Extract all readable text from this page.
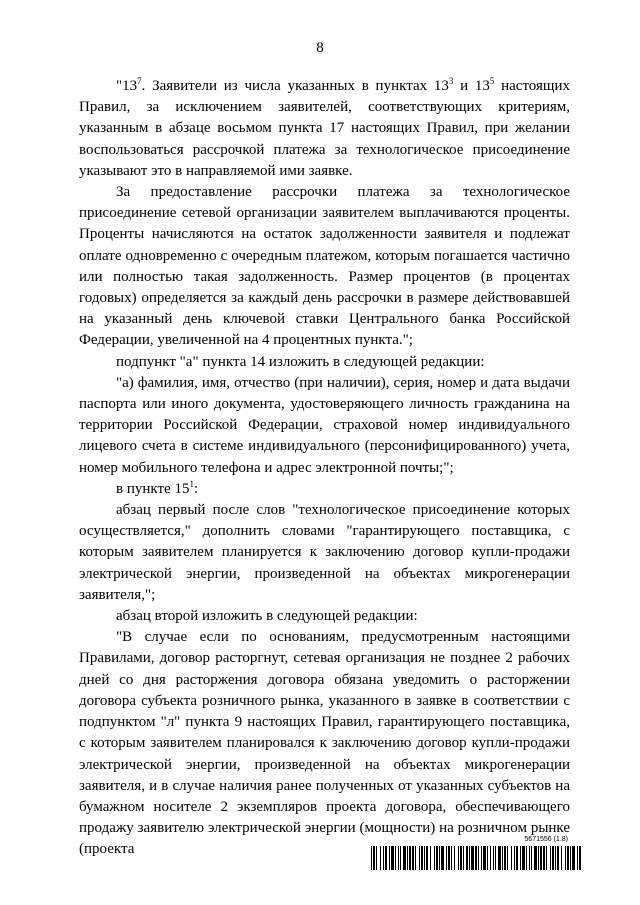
8

"$13^7$. Заявители из числа указанных в пунктах $13^3$ и $13^5$ настоящих Правил, за исключением заявителей, соответствующих критериям, указанным в абзаце восьмом пункта 17 настоящих Правил, при желании воспользоваться рассрочкой платежа за технологическое присоединение указывают это в направляемой ими заявке.

За предоставление рассрочки платежа за технологическое присоединение сетевой организации заявителем выплачиваются проценты. Проценты начисляются на остаток задолженности заявителя и подлежат оплате одновременно с очередным платежом, которым погашается частично или полностью такая задолженность. Размер процентов (в процентах годовых) определяется за каждый день рассрочки в размере действовавшей на указанный день ключевой ставки Центрального банка Российской Федерации, увеличенной на 4 процентных пункта.";

подпункт "а" пункта 14 изложить в следующей редакции:

"а) фамилия, имя, отчество (при наличии), серия, номер и дата выдачи паспорта или иного документа, удостоверяющего личность гражданина на территории Российской Федерации, страховой номер индивидуального лицевого счета в системе индивидуального (персонифицированного) учета, номер мобильного телефона и адрес электронной почты;";

в пункте $15^1$:

абзац первый после слов "технологическое присоединение которых осуществляется," дополнить словами "гарантирующего поставщика, с которым заявителем планируется к заключению договор купли-продажи электрической энергии, произведенной на объектах микрогенерации заявителя,";

абзац второй изложить в следующей редакции:

"В случае если по основаниям, предусмотренным настоящими Правилами, договор расторгнут, сетевая организация не позднее 2 рабочих дней со дня расторжения договора обязана уведомить о расторжении договора субъекта розничного рынка, указанного в заявке в соответствии с подпунктом "л" пункта 9 настоящих Правил, гарантирующего поставщика, с которым заявителем планировался к заключению договор купли-продажи электрической энергии, произведенной на объектах микрогенерации заявителя, и в случае наличия ранее полученных от указанных субъектов на бумажном носителе 2 экземпляров проекта договора, обеспечивающего продажу заявителю электрической энергии (мощности) на розничном рынке (проекта

5671556 (1.8)
